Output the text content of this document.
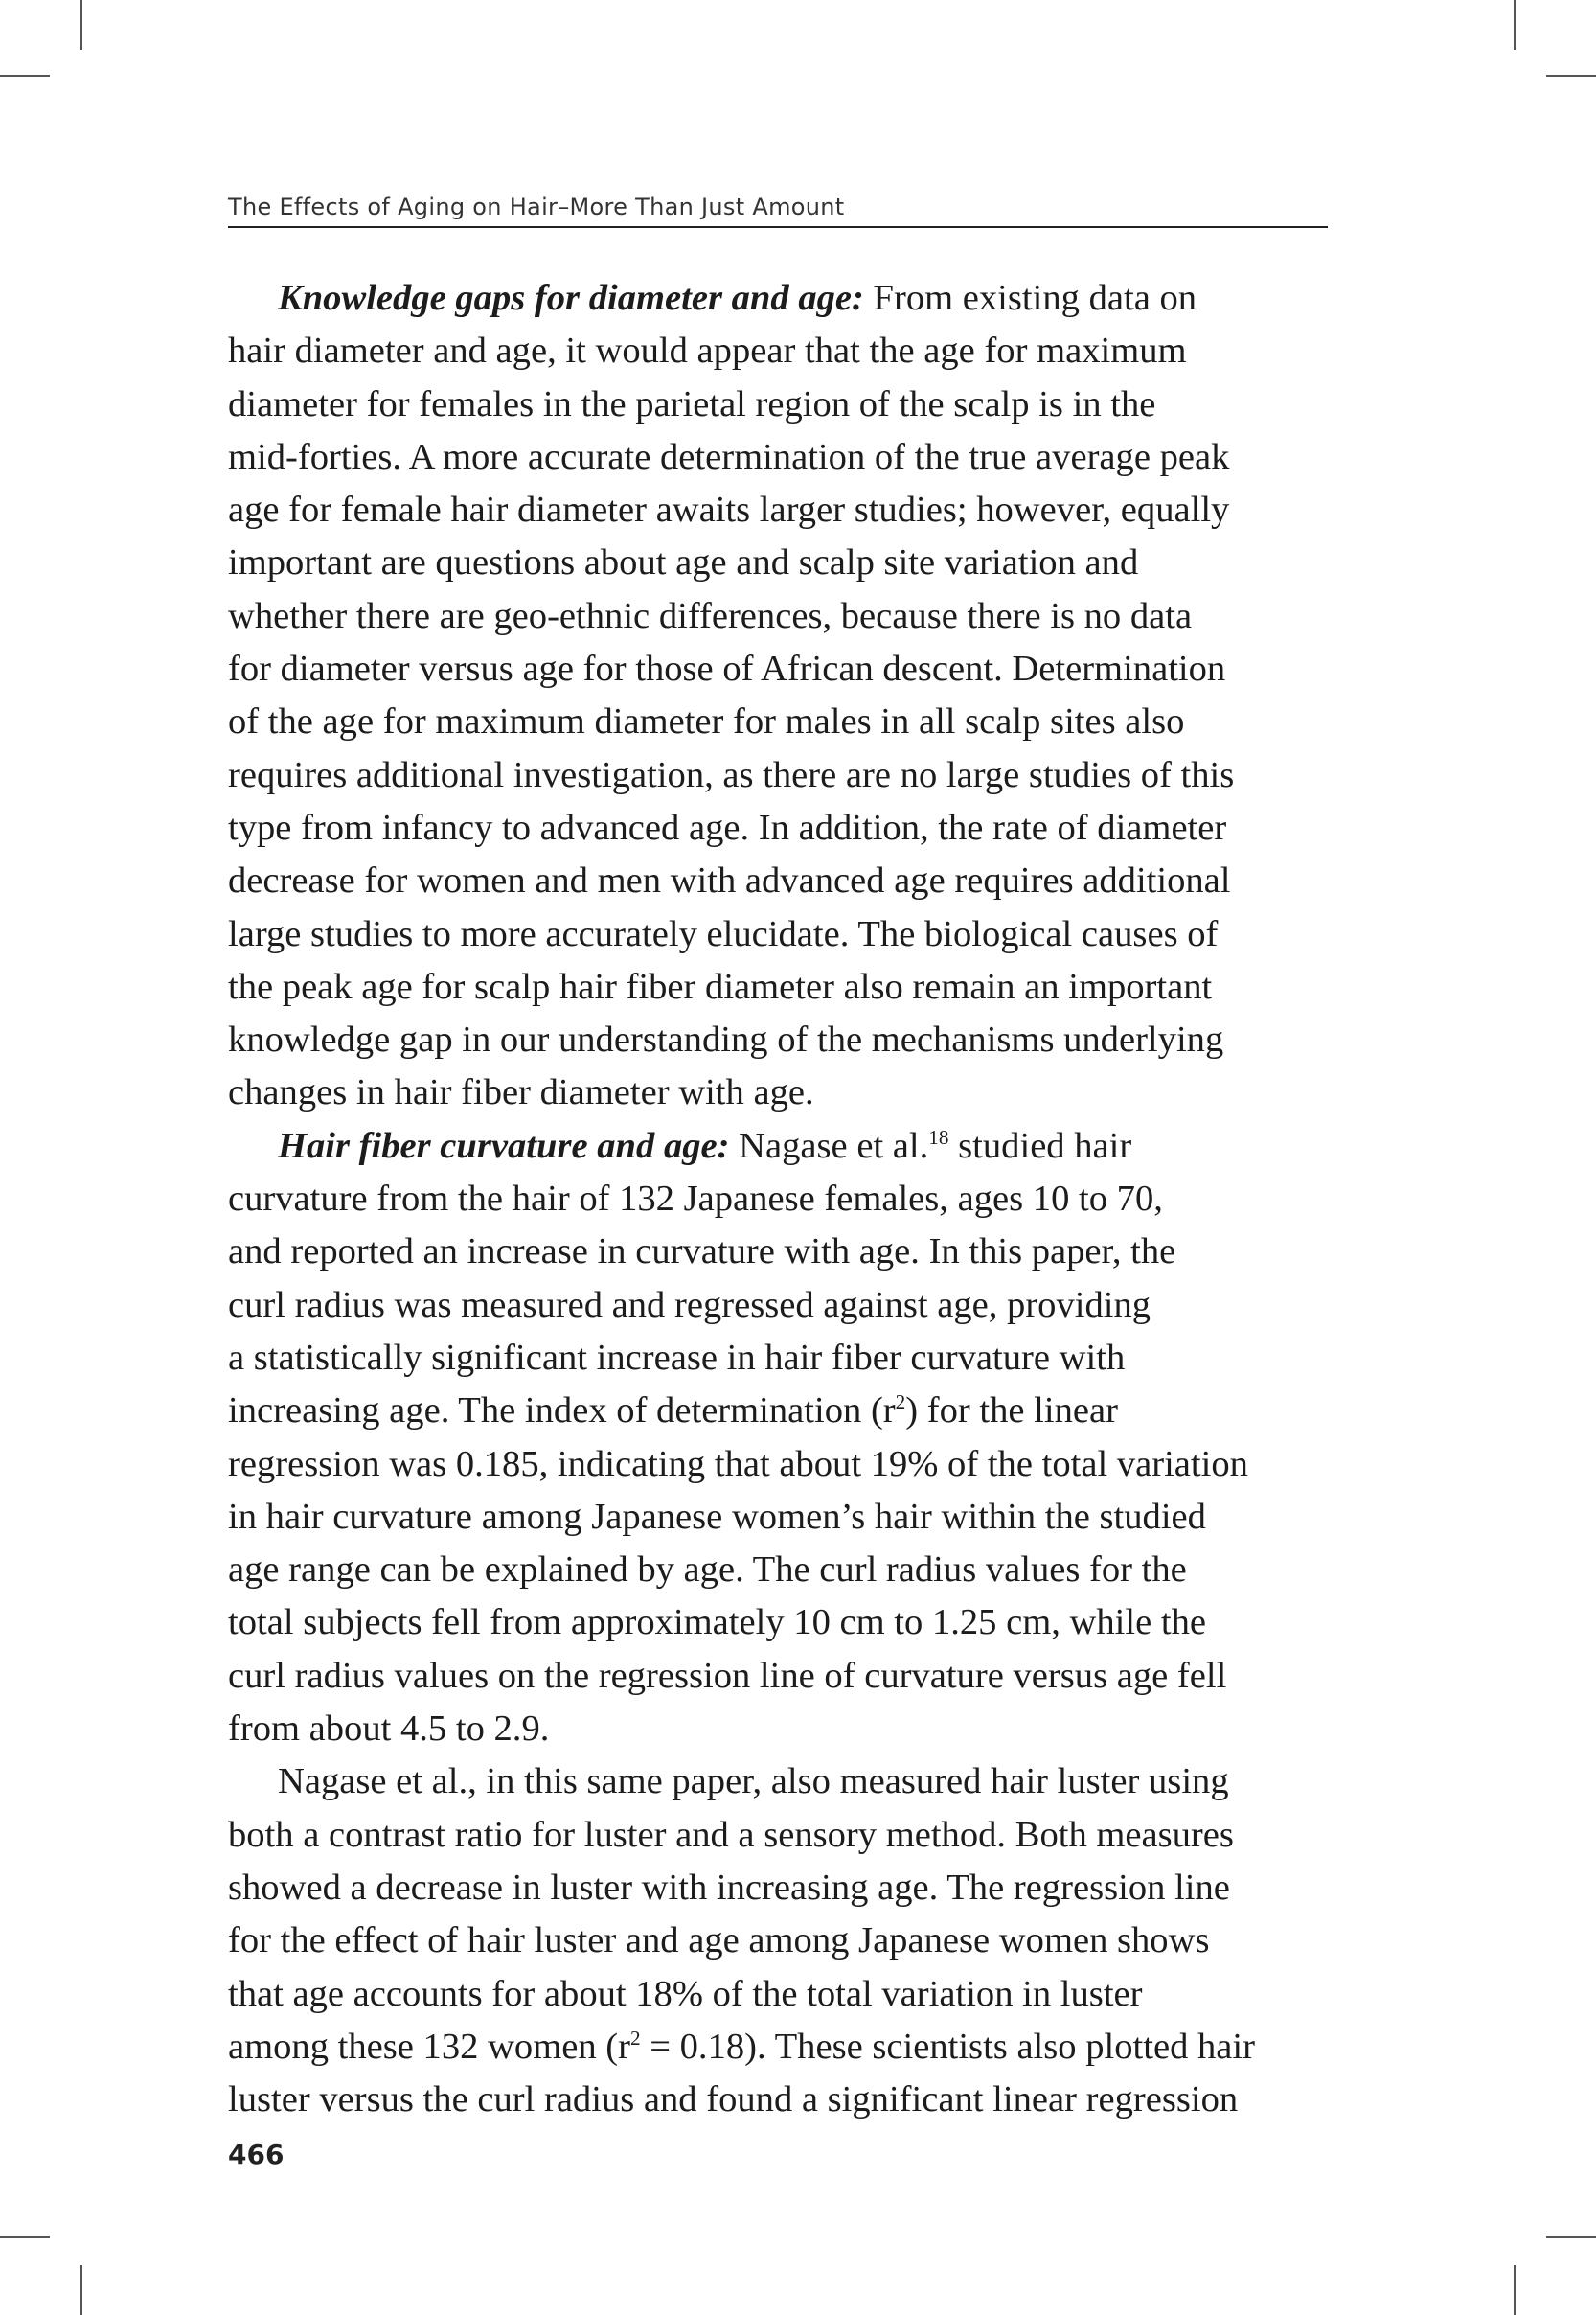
The Effects of Aging on Hair–More Than Just Amount

Knowledge gaps for diameter and age: From existing data on
hair diameter and age, it would appear that the age for maximum
diameter for females in the parietal region of the scalp is in the
mid-forties. A more accurate determination of the true average peak
age for female hair diameter awaits larger studies; however, equally
important are questions about age and scalp site variation and
whether there are geo-ethnic differences, because there is no data
for diameter versus age for those of African descent. Determination
of the age for maximum diameter for males in all scalp sites also
requires additional investigation, as there are no large studies of this
type from infancy to advanced age. In addition, the rate of diameter
decrease for women and men with advanced age requires additional
large studies to more accurately elucidate. The biological causes of
the peak age for scalp hair fiber diameter also remain an important
knowledge gap in our understanding of the mechanisms underlying
changes in hair fiber diameter with age.

Hair fiber curvature and age: Nagase et al.$^{18}$ studied hair
curvature from the hair of 132 Japanese females, ages 10 to 70,
and reported an increase in curvature with age. In this paper, the
curl radius was measured and regressed against age, providing
a statistically significant increase in hair fiber curvature with
increasing age. The index of determination $(r^2)$ for the linear
regression was 0.185, indicating that about 19% of the total variation
in hair curvature among Japanese women’s hair within the studied
age range can be explained by age. The curl radius values for the
total subjects fell from approximately 10 cm to 1.25 cm, while the
curl radius values on the regression line of curvature versus age fell
from about 4.5 to 2.9.

Nagase et al., in this same paper, also measured hair luster using
both a contrast ratio for luster and a sensory method. Both measures
showed a decrease in luster with increasing age. The regression line
for the effect of hair luster and age among Japanese women shows
that age accounts for about 18% of the total variation in luster
among these 132 women $(r^2 = 0.18)$. These scientists also plotted hair
luster versus the curl radius and found a significant linear regression

466
